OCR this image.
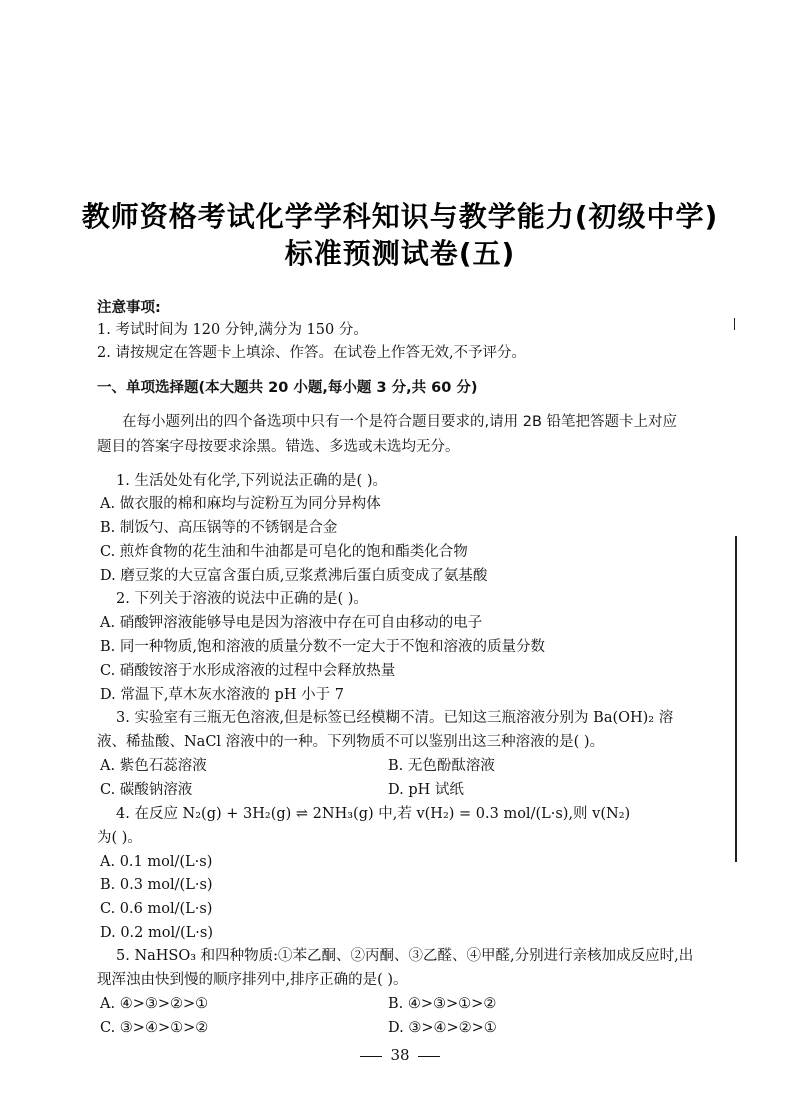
教师资格考试化学学科知识与教学能力(初级中学)
标准预测试卷(五)
注意事项:
1. 考试时间为 120 分钟,满分为 150 分。
2. 请按规定在答题卡上填涂、作答。在试卷上作答无效,不予评分。
一、单项选择题(本大题共 20 小题,每小题 3 分,共 60 分)
在每小题列出的四个备选项中只有一个是符合题目要求的,请用 2B 铅笔把答题卡上对应
题目的答案字母按要求涂黑。错选、多选或未选均无分。
1. 生活处处有化学,下列说法正确的是( )。
A. 做衣服的棉和麻均与淀粉互为同分异构体
B. 制饭勺、高压锅等的不锈钢是合金
C. 煎炸食物的花生油和牛油都是可皂化的饱和酯类化合物
D. 磨豆浆的大豆富含蛋白质,豆浆煮沸后蛋白质变成了氨基酸
2. 下列关于溶液的说法中正确的是( )。
A. 硝酸钾溶液能够导电是因为溶液中存在可自由移动的电子
B. 同一种物质,饱和溶液的质量分数不一定大于不饱和溶液的质量分数
C. 硝酸铵溶于水形成溶液的过程中会释放热量
D. 常温下,草木灰水溶液的 pH 小于 7
3. 实验室有三瓶无色溶液,但是标签已经模糊不清。已知这三瓶溶液分别为 Ba(OH)₂ 溶
液、稀盐酸、NaCl 溶液中的一种。下列物质不可以鉴别出这三种溶液的是( )。
A. 紫色石蕊溶液	B. 无色酚酞溶液
C. 碳酸钠溶液	D. pH 试纸
4. 在反应 N₂(g) + 3H₂(g) ⇌ 2NH₃(g) 中,若 v(H₂) = 0.3 mol/(L·s),则 v(N₂)
为( )。
A. 0.1 mol/(L·s)
B. 0.3 mol/(L·s)
C. 0.6 mol/(L·s)
D. 0.2 mol/(L·s)
5. NaHSO₃ 和四种物质:①苯乙酮、②丙酮、③乙醛、④甲醛,分别进行亲核加成反应时,出
现浑浊由快到慢的顺序排列中,排序正确的是( )。
A. ④>③>②>①	B. ④>③>①>②
C. ③>④>①>②	D. ③>④>②>①
38
